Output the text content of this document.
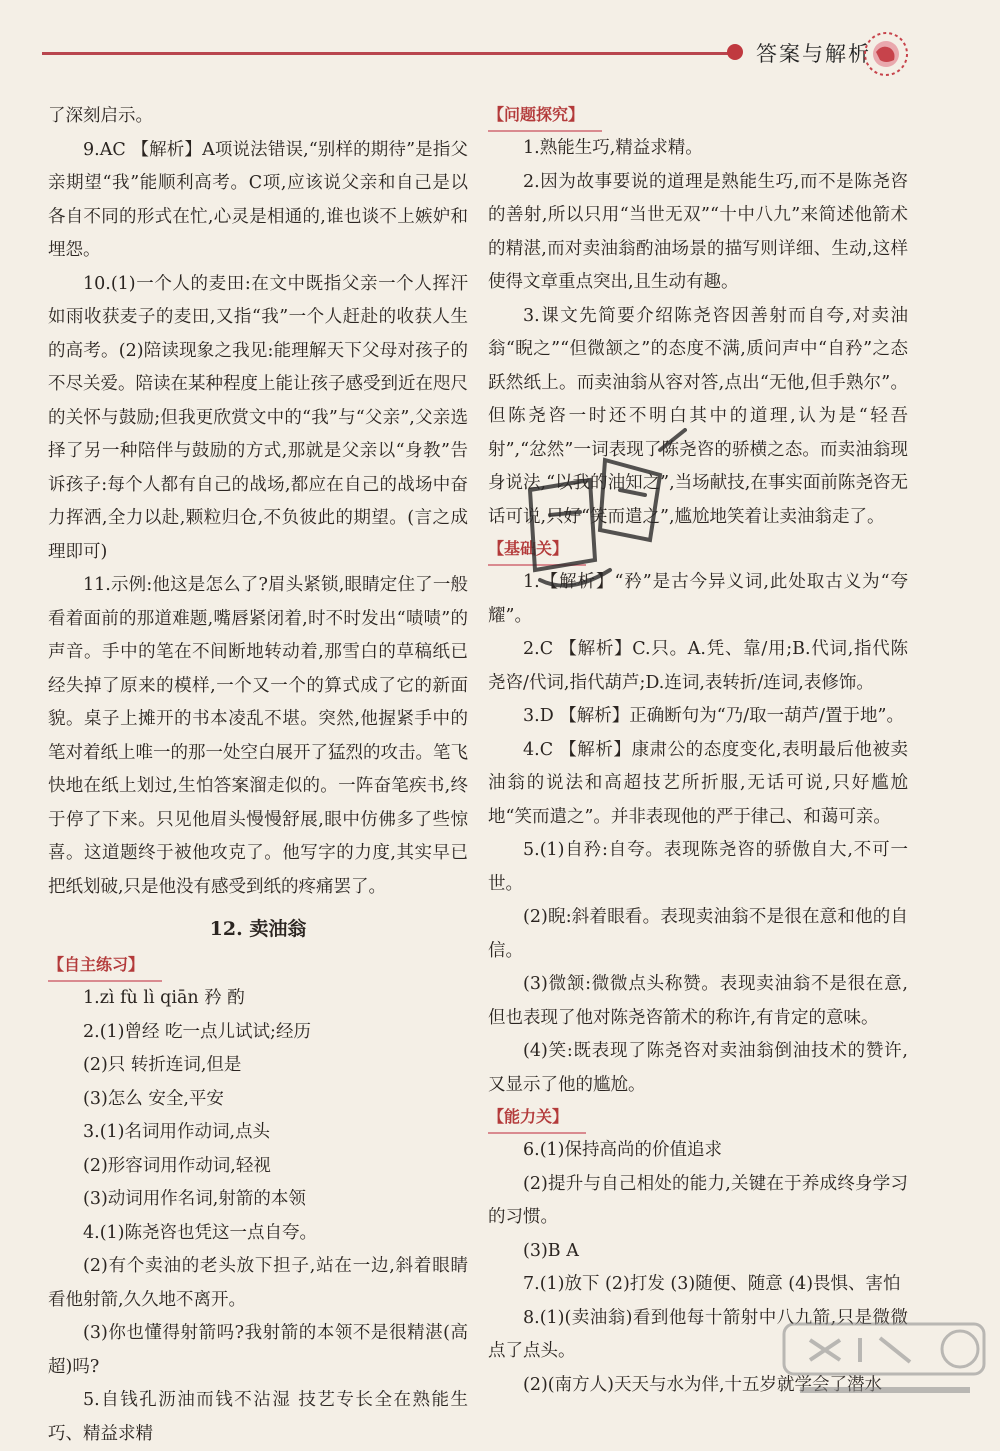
答案与解析

了深刻启示。

9.AC 【解析】A项说法错误,“别样的期待”是指父亲期望“我”能顺利高考。C项,应该说父亲和自己是以各自不同的形式在忙,心灵是相通的,谁也谈不上嫉妒和埋怨。

10.(1)一个人的麦田:在文中既指父亲一个人挥汗如雨收获麦子的麦田,又指“我”一个人赶赴的收获人生的高考。(2)陪读现象之我见:能理解天下父母对孩子的不尽关爱。陪读在某种程度上能让孩子感受到近在咫尺的关怀与鼓励;但我更欣赏文中的“我”与“父亲”,父亲选择了另一种陪伴与鼓励的方式,那就是父亲以“身教”告诉孩子:每个人都有自己的战场,都应在自己的战场中奋力挥洒,全力以赴,颗粒归仓,不负彼此的期望。(言之成理即可)

11.示例:他这是怎么了?眉头紧锁,眼睛定住了一般看着面前的那道难题,嘴唇紧闭着,时不时发出“啧啧”的声音。手中的笔在不间断地转动着,那雪白的草稿纸已经失掉了原来的模样,一个又一个的算式成了它的新面貌。桌子上摊开的书本凌乱不堪。突然,他握紧手中的笔对着纸上唯一的那一处空白展开了猛烈的攻击。笔飞快地在纸上划过,生怕答案溜走似的。一阵奋笔疾书,终于停了下来。只见他眉头慢慢舒展,眼中仿佛多了些惊喜。这道题终于被他攻克了。他写字的力度,其实早已把纸划破,只是他没有感受到纸的疼痛罢了。

12. 卖油翁
【自主练习】

1.zì fù lì qiān 矜 酌

2.(1)曾经 吃一点儿试试;经历

(2)只 转折连词,但是

(3)怎么 安全,平安

3.(1)名词用作动词,点头

(2)形容词用作动词,轻视

(3)动词用作名词,射箭的本领

4.(1)陈尧咨也凭这一点自夸。

(2)有个卖油的老头放下担子,站在一边,斜着眼睛看他射箭,久久地不离开。

(3)你也懂得射箭吗?我射箭的本领不是很精湛(高超)吗?

5.自钱孔沥油而钱不沾湿 技艺专长全在熟能生巧、精益求精

【问题探究】

1.熟能生巧,精益求精。

2.因为故事要说的道理是熟能生巧,而不是陈尧咨的善射,所以只用“当世无双”“十中八九”来简述他箭术的精湛,而对卖油翁酌油场景的描写则详细、生动,这样使得文章重点突出,且生动有趣。

3.课文先简要介绍陈尧咨因善射而自夸,对卖油翁“睨之”“但微颔之”的态度不满,质问声中“自矜”之态跃然纸上。而卖油翁从容对答,点出“无他,但手熟尔”。但陈尧咨一时还不明白其中的道理,认为是“轻吾射”,“忿然”一词表现了陈尧咨的骄横之态。而卖油翁现身说法,“以我的油知之”,当场献技,在事实面前陈尧咨无话可说,只好“笑而遣之”,尴尬地笑着让卖油翁走了。

【基础关】

1.【解析】“矜”是古今异义词,此处取古义为“夸耀”。

2.C 【解析】C.只。A.凭、靠/用;B.代词,指代陈尧咨/代词,指代葫芦;D.连词,表转折/连词,表修饰。

3.D 【解析】正确断句为“乃/取一葫芦/置于地”。

4.C 【解析】康肃公的态度变化,表明最后他被卖油翁的说法和高超技艺所折服,无话可说,只好尴尬地“笑而遣之”。并非表现他的严于律己、和蔼可亲。

5.(1)自矜:自夸。表现陈尧咨的骄傲自大,不可一世。

(2)睨:斜着眼看。表现卖油翁不是很在意和他的自信。

(3)微颔:微微点头称赞。表现卖油翁不是很在意,但也表现了他对陈尧咨箭术的称许,有肯定的意味。

(4)笑:既表现了陈尧咨对卖油翁倒油技术的赞许,又显示了他的尴尬。

【能力关】

6.(1)保持高尚的价值追求

(2)提升与自己相处的能力,关键在于养成终身学习的习惯。

(3)B A

7.(1)放下 (2)打发 (3)随便、随意 (4)畏惧、害怕

8.(1)(卖油翁)看到他每十箭射中八九箭,只是微微点了点头。

(2)(南方人)天天与水为伴,十五岁就学会了潜水
